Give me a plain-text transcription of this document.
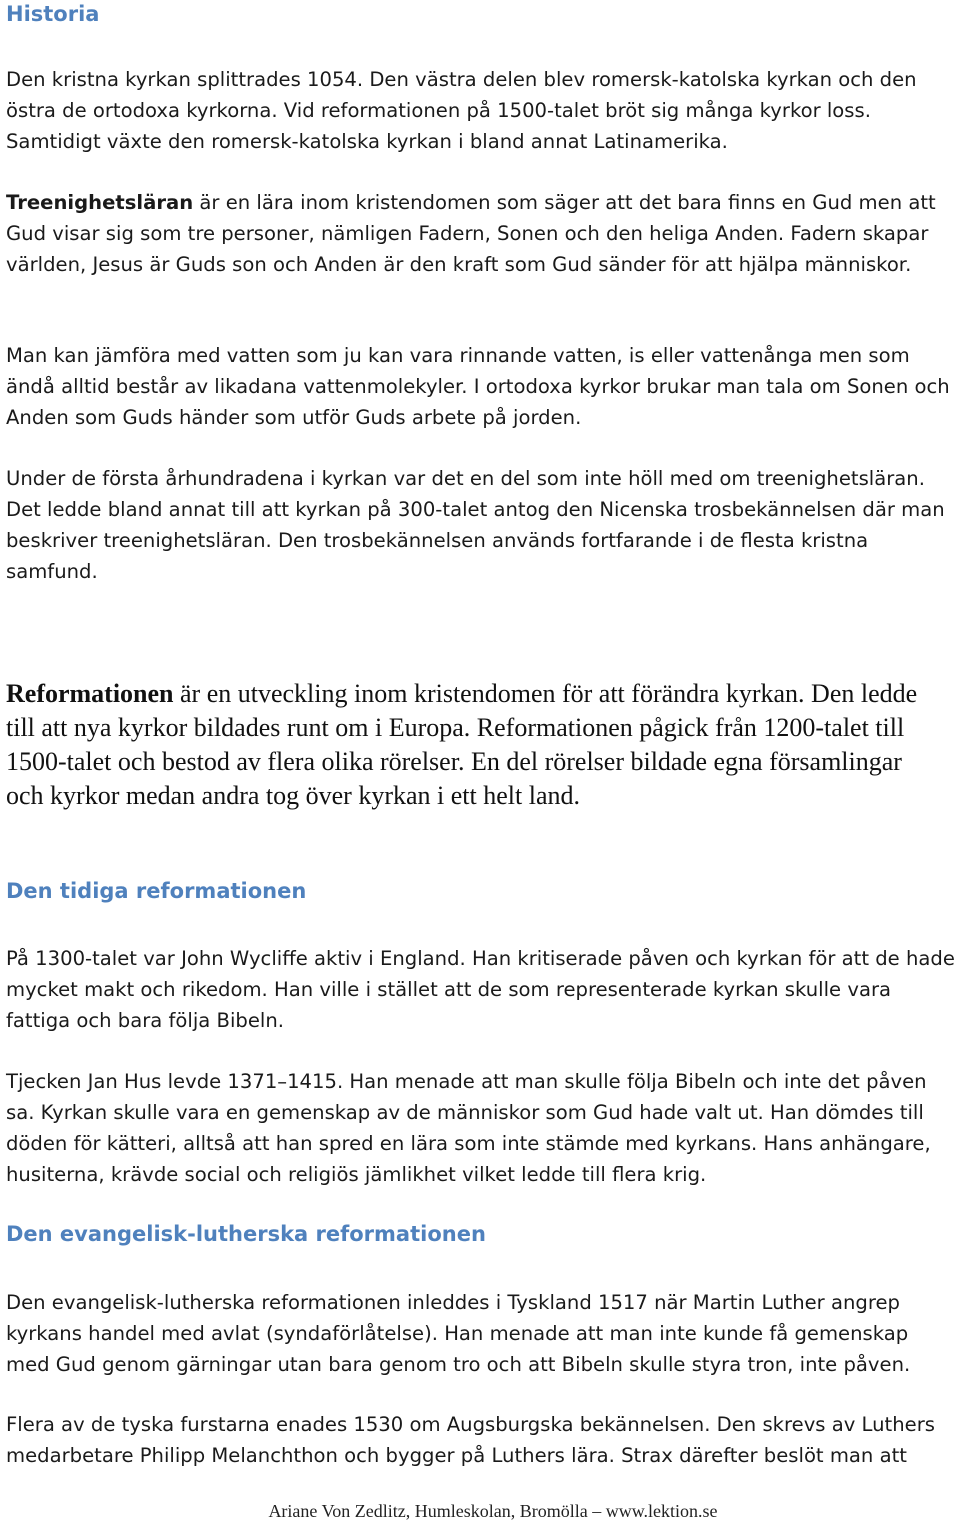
Historia

Den kristna kyrkan splittrades 1054. Den västra delen blev romersk-katolska kyrkan och den östra de ortodoxa kyrkorna. Vid reformationen på 1500-talet bröt sig många kyrkor loss. Samtidigt växte den romersk-katolska kyrkan i bland annat Latinamerika.

Treenighetsläran är en lära inom kristendomen som säger att det bara finns en Gud men att Gud visar sig som tre personer, nämligen Fadern, Sonen och den heliga Anden. Fadern skapar världen, Jesus är Guds son och Anden är den kraft som Gud sänder för att hjälpa människor.

Man kan jämföra med vatten som ju kan vara rinnande vatten, is eller vattenånga men som ändå alltid består av likadana vattenmolekyler. I ortodoxa kyrkor brukar man tala om Sonen och Anden som Guds händer som utför Guds arbete på jorden.

Under de första århundradena i kyrkan var det en del som inte höll med om treenighetsläran. Det ledde bland annat till att kyrkan på 300-talet antog den Nicenska trosbekännelsen där man beskriver treenighetsläran. Den trosbekännelsen används fortfarande i de flesta kristna samfund.

Reformationen är en utveckling inom kristendomen för att förändra kyrkan. Den ledde till att nya kyrkor bildades runt om i Europa. Reformationen pågick från 1200-talet till 1500-talet och bestod av flera olika rörelser. En del rörelser bildade egna församlingar och kyrkor medan andra tog över kyrkan i ett helt land.

Den tidiga reformationen

På 1300-talet var John Wycliffe aktiv i England. Han kritiserade påven och kyrkan för att de hade mycket makt och rikedom. Han ville i stället att de som representerade kyrkan skulle vara fattiga och bara följa Bibeln.

Tjecken Jan Hus levde 1371–1415. Han menade att man skulle följa Bibeln och inte det påven sa. Kyrkan skulle vara en gemenskap av de människor som Gud hade valt ut. Han dömdes till döden för kätteri, alltså att han spred en lära som inte stämde med kyrkans. Hans anhängare, husiterna, krävde social och religiös jämlikhet vilket ledde till flera krig.

Den evangelisk-lutherska reformationen

Den evangelisk-lutherska reformationen inleddes i Tyskland 1517 när Martin Luther angrep kyrkans handel med avlat (syndaförlåtelse). Han menade att man inte kunde få gemenskap med Gud genom gärningar utan bara genom tro och att Bibeln skulle styra tron, inte påven.

Flera av de tyska furstarna enades 1530 om Augsburgska bekännelsen. Den skrevs av Luthers medarbetare Philipp Melanchthon och bygger på Luthers lära. Strax därefter beslöt man att

Ariane Von Zedlitz, Humleskolan, Bromölla – www.lektion.se
